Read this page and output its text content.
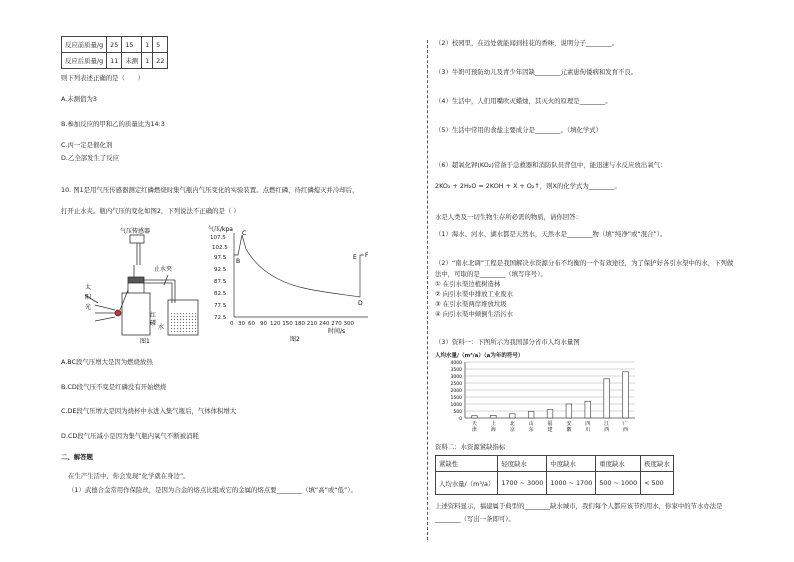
反应前质量/g	25	15	1	5
反应后质量/g	11	未测	1	22
则下列表述正确的是（　　）
A.未测值为3
B.参加反应的甲和乙的质量比为14:3
C.丙一定是催化剂
D.乙全部发生了反应
10. 图1是用气压传感器测定红磷燃烧时集气瓶内气压变化的实验装置。点燃红磷，待红磷熄灭并冷却后，
打开止水夹。瓶内气压的变化如图2，下列说法不正确的是（ ）
气压传感器
止水夹
太
阳
光
红
磷
水
图1
107.5
102.5
97.5
92.5
87.5
82.5
77.5
72.5
0 30 60 90 120 150 180 210 240 270 300
气压/kpa
时间/s
C
B
E F
D
图2
A.BC段气压增大是因为燃烧放热
B.CD段气压不变是红磷没有开始燃烧
C.DE段气压增大是因为烧杯中水进入集气瓶后，气体体积增大
D.CD段气压减小是因为集气瓶内氧气不断被消耗
二、解答题
在生产生活中，你会发现“化学就在身边”。
（1）武德合金常用作保险丝，是因为合金的熔点比组成它的金属的熔点要________（填“高”或“低”）。
（2）校园里，在远处就能闻到桂花的香味，说明分子________。
（3）牛奶可预防幼儿及青少年因缺________元素患佝偻病和发育不良。
（4）生活中，人们用嘴吹灭蜡烛，其灭火的原理是________。
（5）生活中常用的食盐主要成分是________。（填化学式）
（6）超氧化钾(KO₂)常备于急救器和消防队员背包中，能迅速与水反应放出氧气：
2KO₂ + 2H₂O = 2KOH + X + O₂↑，则X的化学式为________。
水是人类及一切生物生存所必需的物质，请你回答：
（1）海水、河水、湖水都是天然水，天然水是________物（填“纯净”或“混合”）。
（2）“南水北调”工程是我国解决水资源分布不均衡的一个有效途径，为了保护好各引水渠中的水，下列做
法中，可取的是________（填写序号）。
① 在引水渠边植树造林
② 向引水渠中排放工业废水
③ 在引水渠两岸堆放垃圾
④ 向引水渠中倾倒生活污水
（3）资料一：下图所示为我国部分省市人均水量图
人均水量/（m³/a）（a为年的符号）
4000
3500
3000
2500
2000
1500
1000
500
0
天
津
上
海
北
京
山
东
福
建
安
徽
四
川
江
西
广
西
资料二：水资源紧缺指标
紧缺性	轻度缺水	中度缺水	重度缺水	极度缺水
人均水量/（m³/a）	1700 ~ 3000	1000 ~ 1700	500 ~ 1000	< 500
上述资料显示，福建属于典型的________缺水城市，我们每个人都应该节约用水，你家中的节水办法是
________（写出一条即可）。
